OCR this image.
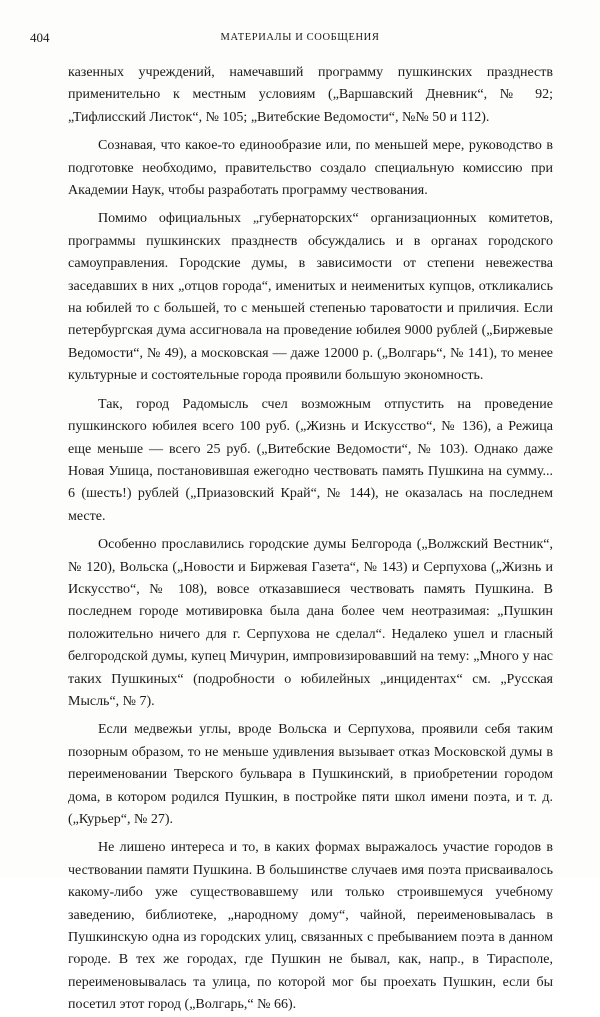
404	МАТЕРИАЛЫ И СООБЩЕНИЯ

казенных учреждений, намечавший программу пушкинских празднеств применительно к местным условиям („Варшавский Дневник“, № 92; „Тифлисский Листок“, № 105; „Витебские Ведомости“, №№ 50 и 112).

Сознавая, что какое-то единообразие или, по меньшей мере, руководство в подготовке необходимо, правительство создало специальную комиссию при Академии Наук, чтобы разработать программу чествования.

Помимо официальных „губернаторских“ организационных комитетов, программы пушкинских празднеств обсуждались и в органах городского самоуправления. Городские думы, в зависимости от степени невежества заседавших в них „отцов города“, именитых и неименитых купцов, откликались на юбилей то с большей, то с меньшей степенью тароватости и приличия. Если петербургская дума ассигновала на проведение юбилея 9000 рублей („Биржевые Ведомости“, № 49), а московская — даже 12000 р. („Волгарь“, № 141), то менее культурные и состоятельные города проявили большую экономность.

Так, город Радомысль счел возможным отпустить на проведение пушкинского юбилея всего 100 руб. („Жизнь и Искусство“, № 136), а Режица еще меньше — всего 25 руб. („Витебские Ведомости“, № 103). Однако даже Новая Ушица, постановившая ежегодно чествовать память Пушкина на сумму... 6 (шесть!) рублей („Приазовский Край“, № 144), не оказалась на последнем месте.

Особенно прославились городские думы Белгорода („Волжский Вестник“, № 120), Вольска („Новости и Биржевая Газета“, № 143) и Серпухова („Жизнь и Искусство“, № 108), вовсе отказавшиеся чествовать память Пушкина. В последнем городе мотивировка была дана более чем неотразимая: „Пушкин положительно ничего для г. Серпухова не сделал“. Недалеко ушел и гласный белгородской думы, купец Мичурин, импровизировавший на тему: „Много у нас таких Пушкиных“ (подробности о юбилейных „инцидентах“ см. „Русская Мысль“, № 7).

Если медвежьи углы, вроде Вольска и Серпухова, проявили себя таким позорным образом, то не меньше удивления вызывает отказ Московской думы в переименовании Тверского бульвара в Пушкинский, в приобретении городом дома, в котором родился Пушкин, в постройке пяти школ имени поэта, и т. д. („Курьер“, № 27).

Не лишено интереса и то, в каких формах выражалось участие городов в чествовании памяти Пушкина. В большинстве случаев имя поэта присваивалось какому-либо уже существовавшему или только строившемуся учебному заведению, библиотеке, „народному дому“, чайной, переименовывалась в Пушкинскую одна из городских улиц, связанных с пребыванием поэта в данном городе. В тех же городах, где Пушкин не бывал, как, напр., в Тирасполе, переименовывалась та улица, по которой мог бы проехать Пушкин, если бы посетил этот город („Волгарь,“ № 66).
